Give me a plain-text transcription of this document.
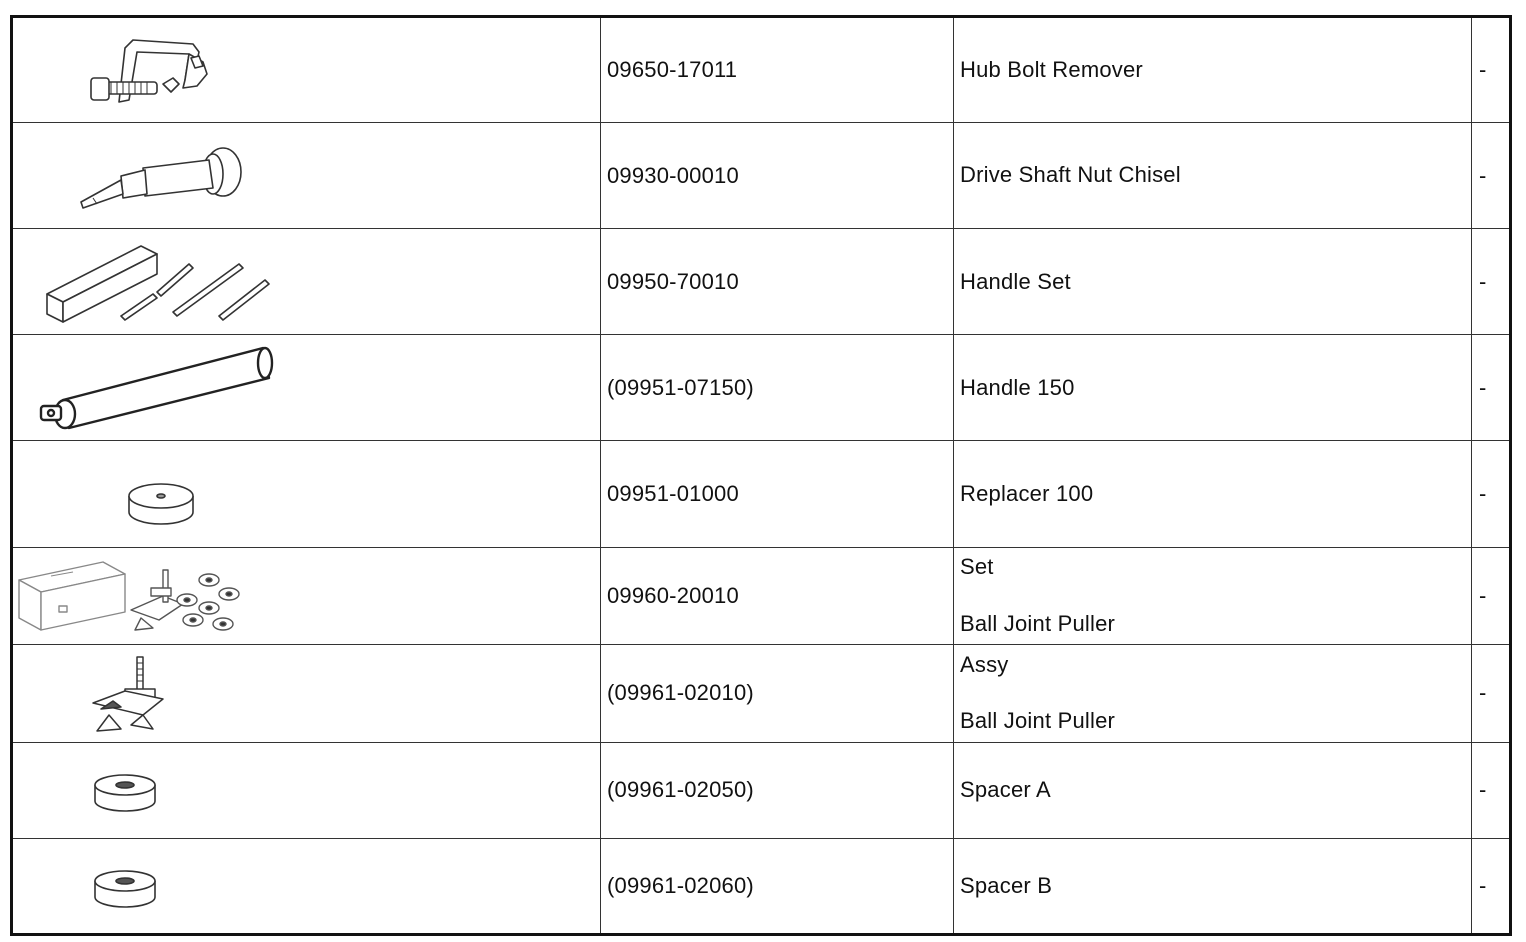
	09650-17011	Hub Bolt Remover	-

	09930-00010	Drive Shaft Nut Chisel	-

	09950-70010	Handle Set	-

	(09951-07150)	Handle 150	-

	09951-01000	Replacer 100	-

	09960-20010	Set
Ball Joint Puller	-

	(09961-02010)	Assy
Ball Joint Puller	-

	(09961-02050)	Spacer A	-

	(09961-02060)	Spacer B	-
